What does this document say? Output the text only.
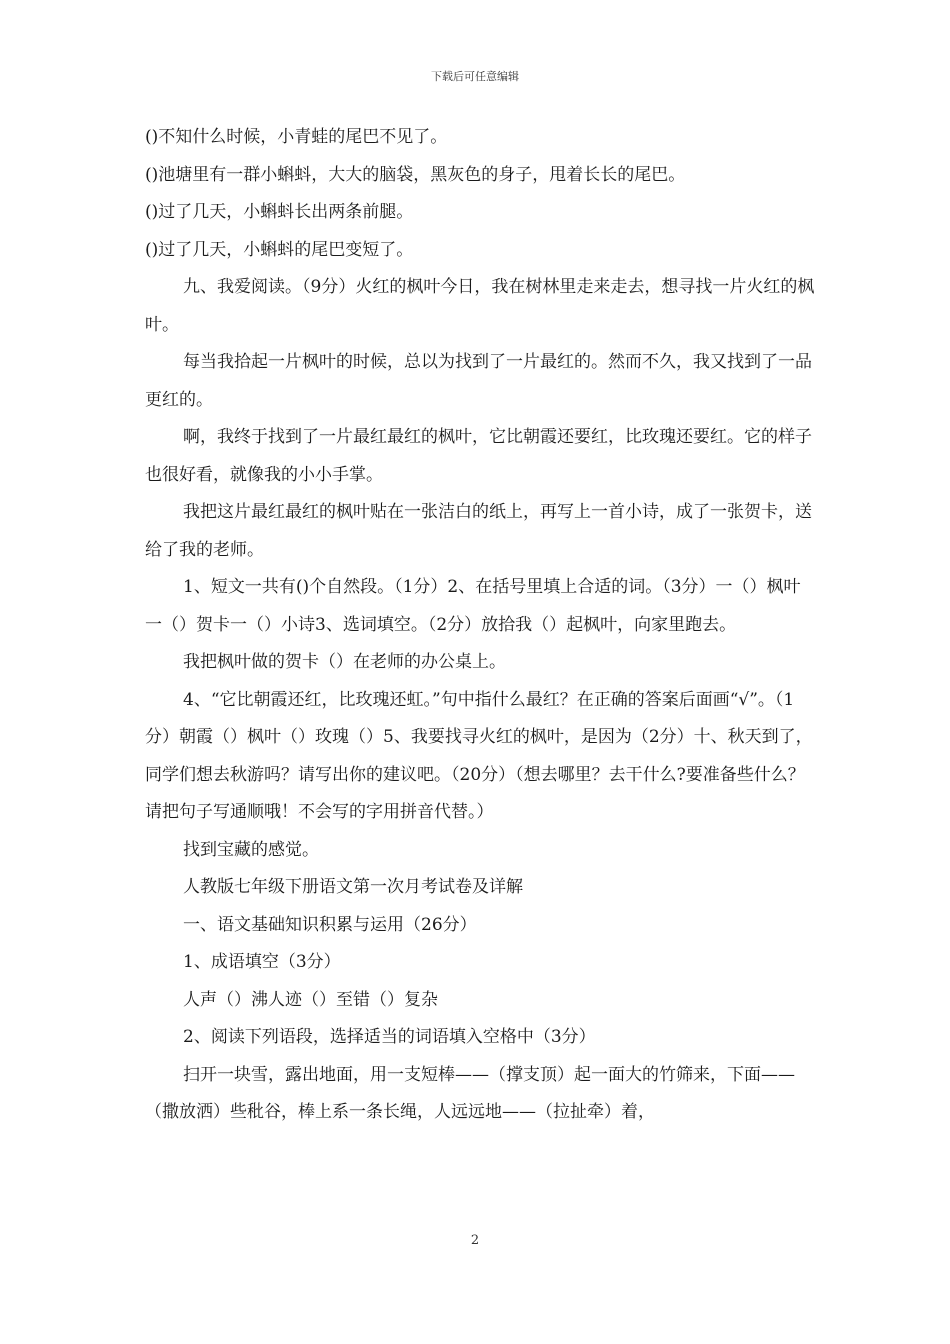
下载后可任意编辑

()不知什么时候，小青蛙的尾巴不见了。

()池塘里有一群小蝌蚪，大大的脑袋，黑灰色的身子，甩着长长的尾巴。

()过了几天，小蝌蚪长出两条前腿。

()过了几天，小蝌蚪的尾巴变短了。

九、我爱阅读。（9分）火红的枫叶今日，我在树林里走来走去，想寻找一片火红的枫叶。

每当我拾起一片枫叶的时候，总以为找到了一片最红的。然而不久，我又找到了一品更红的。

啊，我终于找到了一片最红最红的枫叶，它比朝霞还要红，比玫瑰还要红。它的样子也很好看，就像我的小小手掌。

我把这片最红最红的枫叶贴在一张洁白的纸上，再写上一首小诗，成了一张贺卡，送给了我的老师。

1、短文一共有()个自然段。（1分）2、在括号里填上合适的词。（3分）一（）枫叶一（）贺卡一（）小诗3、选词填空。（2分）放拾我（）起枫叶，向家里跑去。

我把枫叶做的贺卡（）在老师的办公桌上。

4、“它比朝霞还红，比玫瑰还虹。”句中指什么最红？在正确的答案后面画“√”。（1分）朝霞（）枫叶（）玫瑰（）5、我要找寻火红的枫叶，是因为（2分）十、秋天到了，同学们想去秋游吗？请写出你的建议吧。（20分）（想去哪里？去干什么?要准备些什么？请把句子写通顺哦！不会写的字用拼音代替。）

找到宝藏的感觉。

人教版七年级下册语文第一次月考试卷及详解

一、语文基础知识积累与运用（26分）

1、成语填空（3分）

人声（）沸人迹（）至错（）复杂

2、阅读下列语段，选择适当的词语填入空格中（3分）

扫开一块雪，露出地面，用一支短棒——（撑支顶）起一面大的竹筛来，下面——（撒放洒）些秕谷，棒上系一条长绳，人远远地——（拉扯牵）着，

2
